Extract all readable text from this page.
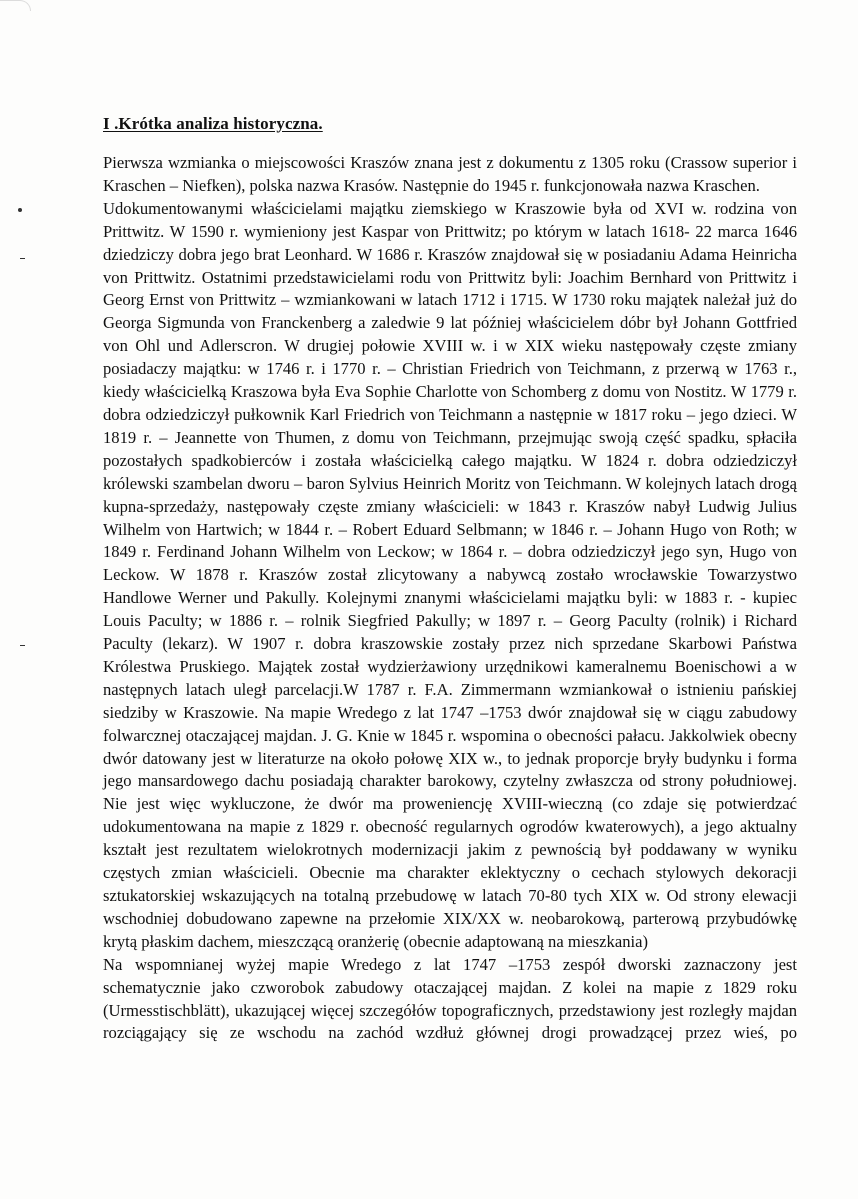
I .Krótka analiza historyczna.

Pierwsza wzmianka o miejscowości Kraszów znana jest z dokumentu z 1305 roku (Crassow superior i Kraschen – Niefken), polska nazwa Krasów. Następnie do 1945 r. funkcjonowała nazwa Kraschen.

Udokumentowanymi właścicielami majątku ziemskiego w Kraszowie była od XVI w. rodzina von Prittwitz. W 1590 r. wymieniony jest Kaspar von Prittwitz; po którym w latach 1618- 22 marca 1646 dziedziczy dobra jego brat Leonhard. W 1686 r. Kraszów znajdował się w posiadaniu Adama Heinricha von Prittwitz. Ostatnimi przedstawicielami rodu von Prittwitz byli: Joachim Bernhard von Prittwitz i Georg Ernst von Prittwitz – wzmiankowani w latach 1712 i 1715. W 1730 roku majątek należał już do Georga Sigmunda von Franckenberg a zaledwie 9 lat później właścicielem dóbr był Johann Gottfried von Ohl und Adlerscron. W drugiej połowie XVIII w. i w XIX wieku następowały częste zmiany posiadaczy majątku: w 1746 r. i 1770 r. – Christian Friedrich von Teichmann, z przerwą w 1763 r., kiedy właścicielką Kraszowa była Eva Sophie Charlotte von Schomberg z domu von Nostitz. W 1779 r. dobra odziedziczył pułkownik Karl Friedrich von Teichmann a następnie w 1817 roku – jego dzieci. W 1819 r. – Jeannette von Thumen, z domu von Teichmann, przejmując swoją część spadku, spłaciła pozostałych spadkobierców i została właścicielką całego majątku. W 1824 r. dobra odziedziczył królewski szambelan dworu – baron Sylvius Heinrich Moritz von Teichmann. W kolejnych latach drogą kupna-sprzedaży, następowały częste zmiany właścicieli: w 1843 r. Kraszów nabył Ludwig Julius Wilhelm von Hartwich; w 1844 r. – Robert Eduard Selbmann; w 1846 r. – Johann Hugo von Roth; w 1849 r. Ferdinand Johann Wilhelm von Leckow; w 1864 r. – dobra odziedziczył jego syn, Hugo von Leckow. W 1878 r. Kraszów został zlicytowany a nabywcą zostało wrocławskie Towarzystwo Handlowe Werner und Pakully. Kolejnymi znanymi właścicielami majątku byli: w 1883 r. - kupiec Louis Paculty; w 1886 r. – rolnik Siegfried Pakully; w 1897 r. – Georg Paculty (rolnik) i Richard Paculty (lekarz). W 1907 r. dobra kraszowskie zostały przez nich sprzedane Skarbowi Państwa Królestwa Pruskiego. Majątek został wydzierżawiony urzędnikowi kameralnemu Boenischowi a w następnych latach uległ parcelacji.W 1787 r. F.A. Zimmermann wzmiankował o istnieniu pańskiej siedziby w Kraszowie. Na mapie Wredego z lat 1747 –1753 dwór znajdował się w ciągu zabudowy folwarcznej otaczającej majdan. J. G. Knie w 1845 r. wspomina o obecności pałacu. Jakkolwiek obecny dwór datowany jest w literaturze na około połowę XIX w., to jednak proporcje bryły budynku i forma jego mansardowego dachu posiadają charakter barokowy, czytelny zwłaszcza od strony południowej. Nie jest więc wykluczone, że dwór ma proweniencję XVIII-wieczną (co zdaje się potwierdzać udokumentowana na mapie z 1829 r. obecność regularnych ogrodów kwaterowych), a jego aktualny kształt jest rezultatem wielokrotnych modernizacji jakim z pewnością był poddawany w wyniku częstych zmian właścicieli. Obecnie ma charakter eklektyczny o cechach stylowych dekoracji sztukatorskiej wskazujących na totalną przebudowę w latach 70-80 tych XIX w. Od strony elewacji wschodniej dobudowano zapewne na przełomie XIX/XX w. neobarokową, parterową przybudówkę krytą płaskim dachem, mieszczącą oranżerię (obecnie adaptowaną na mieszkania)

Na wspomnianej wyżej mapie Wredego z lat 1747 –1753 zespół dworski zaznaczony jest schematycznie jako czworobok zabudowy otaczającej majdan. Z kolei na mapie z 1829 roku (Urmesstischblätt), ukazującej więcej szczegółów topograficznych, przedstawiony jest rozległy majdan rozciągający się ze wschodu na zachód wzdłuż głównej drogi prowadzącej przez wieś, po
